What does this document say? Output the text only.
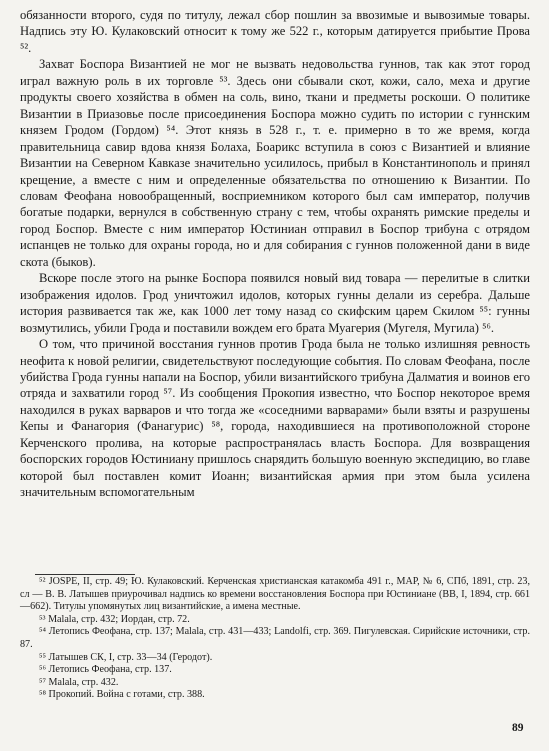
обязанности второго, судя по титулу, лежал сбор пошлин за ввозимые и вывозимые товары. Надпись эту Ю. Кулаковский относит к тому же 522 г., которым датируется прибытие Прова ⁵².

Захват Боспора Византией не мог не вызвать недовольства гуннов, так как этот город играл важную роль в их торговле ⁵³. Здесь они сбывали скот, кожи, сало, меха и другие продукты своего хозяйства в обмен на соль, вино, ткани и предметы роскоши. О политике Византии в Приазовье после присоединения Боспора можно судить по истории с гуннским князем Гродом (Гордом) ⁵⁴. Этот князь в 528 г., т. е. примерно в то же время, когда правительница савир вдова князя Болаха, Боарикс вступила в союз с Византией и влияние Византии на Северном Кавказе значительно усилилось, прибыл в Константинополь и принял крещение, а вместе с ним и определенные обязательства по отношению к Византии. По словам Феофана новообращенный, восприемником которого был сам император, получив богатые подарки, вернулся в собственную страну с тем, чтобы охранять римские пределы и город Боспор. Вместе с ним император Юстиниан отправил в Боспор трибуна с отрядом испанцев не только для охраны города, но и для собирания с гуннов положенной дани в виде скота (быков).

Вскоре после этого на рынке Боспора появился новый вид товара — перелитые в слитки изображения идолов. Грод уничтожил идолов, которых гунны делали из серебра. Дальше история развивается так же, как 1000 лет тому назад со скифским царем Скилом ⁵⁵: гунны возмутились, убили Грода и поставили вождем его брата Муагерия (Мугеля, Мугила) ⁵⁶.

О том, что причиной восстания гуннов против Грода была не только излишняя ревность неофита к новой религии, свидетельствуют последующие события. По словам Феофана, после убийства Грода гунны напали на Боспор, убили византийского трибуна Далматия и воинов его отряда и захватили город ⁵⁷. Из сообщения Прокопия известно, что Боспор некоторое время находился в руках варваров и что тогда же «соседними варварами» были взяты и разрушены Кепы и Фанагория (Фанагурис) ⁵⁸, города, находившиеся на противоположной стороне Керченского пролива, на которые распространялась власть Боспора. Для возвращения боспорских городов Юстиниану пришлось снарядить большую военную экспедицию, во главе которой был поставлен комит Иоанн; византийская армия при этом была усилена значительным вспомогательным

⁵² JOSPE, II, стр. 49; Ю. Кулаковский. Керченская христианская катакомба 491 г., МАР, № 6, СПб, 1891, стр. 23, сл — В. В. Латышев приурочивал надпись ко времени восстановления Боспора при Юстиниане (ВВ, I, 1894, стр. 661—662). Титулы упомянутых лиц византийские, а имена местные.

⁵³ Malala, стр. 432; Иордан, стр. 72.

⁵⁴ Летопись Феофана, стр. 137; Malala, стр. 431—433; Landolfi, стр. 369. Пигулевская. Сирийские источники, стр. 87.

⁵⁵ Латышев СК, I, стр. 33—34 (Геродот).

⁵⁶ Летопись Феофана, стр. 137.

⁵⁷ Malala, стр. 432.

⁵⁸ Прокопий. Война с готами, стр. 388.

89
